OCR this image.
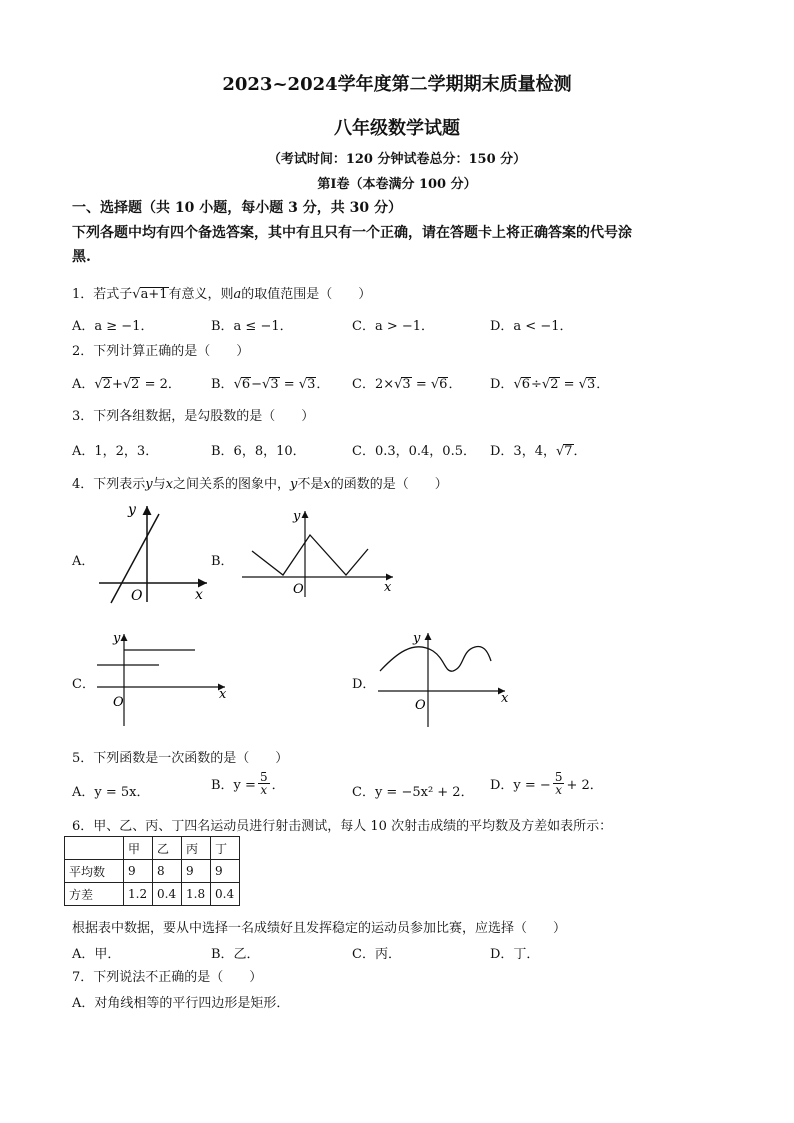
2023~2024学年度第二学期期末质量检测
八年级数学试题
（考试时间：120 分钟试卷总分：150 分）
第Ⅰ卷（本卷满分 100 分）
一、选择题（共 10 小题，每小题 3 分，共 30 分）
下列各题中均有四个备选答案，其中有且只有一个正确，请在答题卡上将正确答案的代号涂
黑.
1．若式子√a+1有意义，则a的取值范围是（　　）
A．a ≥ −1．	B．a ≤ −1．	C．a > −1．	D．a < −1．
2．下列计算正确的是（　　）
A．√2+√2 = 2． B．√6−√3 = √3． C．2×√3 = √6． D．√6÷√2 = √3．
3．下列各组数据，是勾股数的是（　　）
A．1，2，3．	B．6，8，10．	C．0.3，0.4，0.5． D．3，4，√7．
4．下列表示y与x之间关系的图象中，y不是x的函数的是（　　）
A．	B．
C．	D．
y
O	x
y
O	x
y
O
x
y
O	x
5．下列函数是一次函数的是（　　）
A．y = 5x．	B．$y = \frac{5}{x}$ ．	C．y = −5x² + 2． D．y = − $\frac{5}{x} + 2$．
6．甲、乙、丙、丁四名运动员进行射击测试，每人 10 次射击成绩的平均数及方差如表所示：
	甲	乙	丙	丁
平均数	9	8	9	9
方差	1.2	0.4	1.8	0.4
根据表中数据，要从中选择一名成绩好且发挥稳定的运动员参加比赛，应选择（　　）
A．甲．	B．乙．	C．丙．	D．丁．
7．下列说法不正确的是（　　）
A．对角线相等的平行四边形是矩形．
